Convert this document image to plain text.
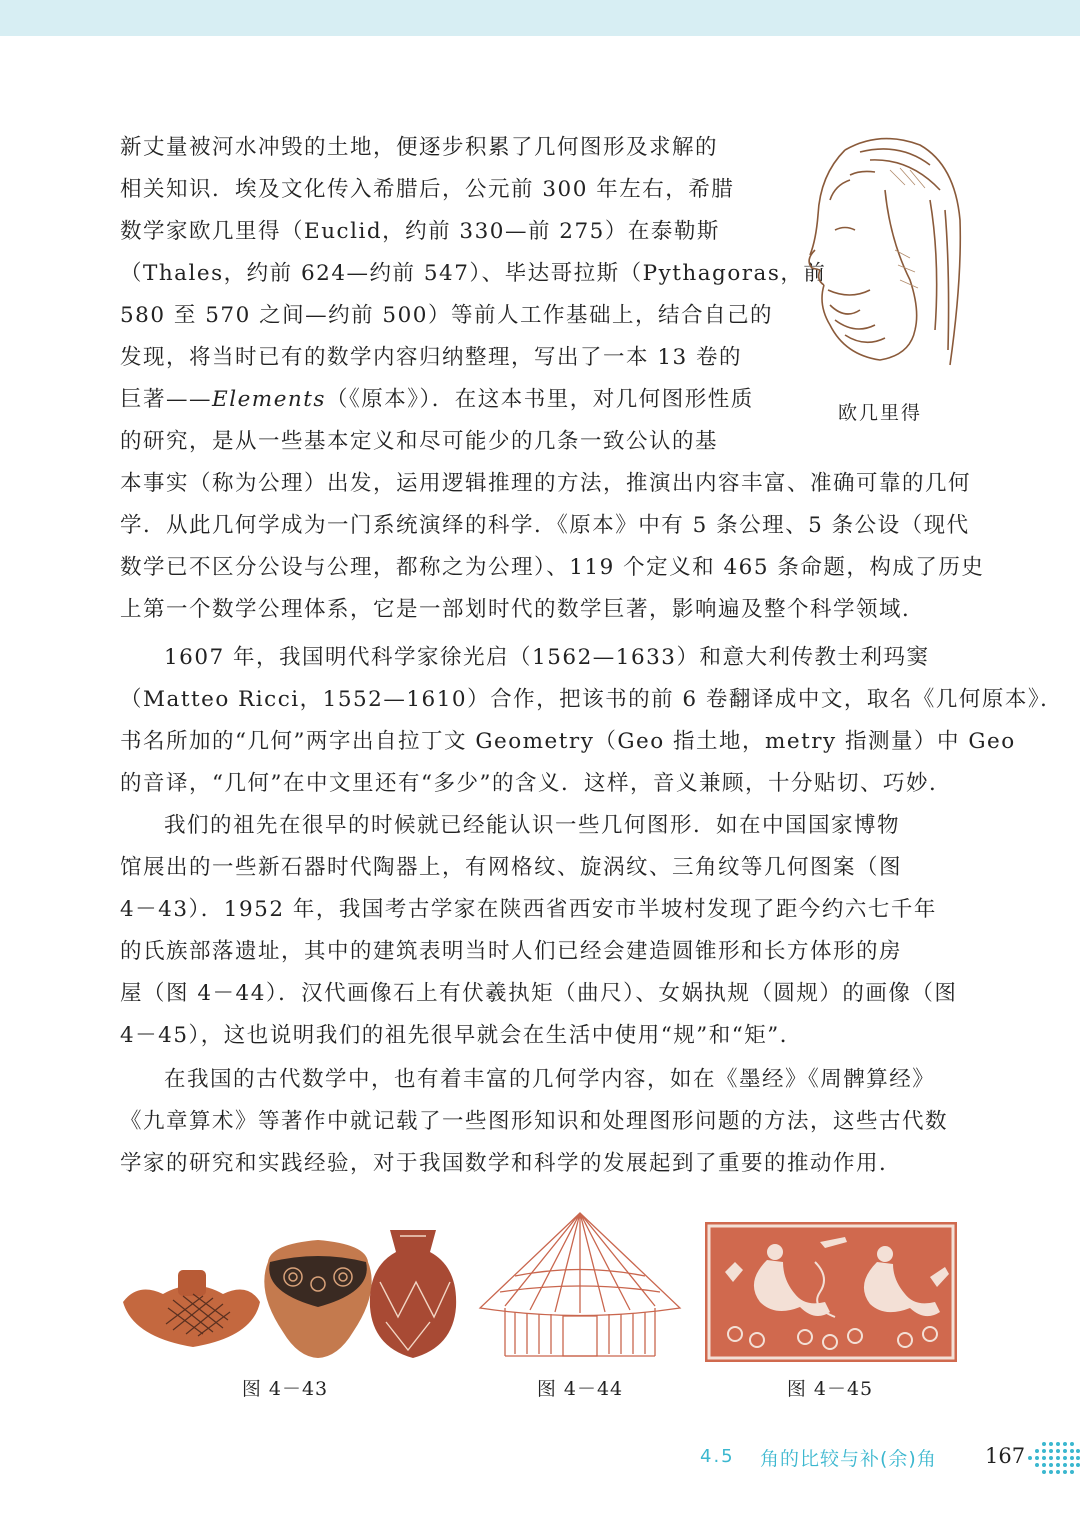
新丈量被河水冲毁的土地，便逐步积累了几何图形及求解的
相关知识．埃及文化传入希腊后，公元前 300 年左右，希腊
数学家欧几里得（Euclid，约前 330—前 275）在泰勒斯
（Thales，约前 624—约前 547）、毕达哥拉斯（Pythagoras，前
580 至 570 之间—约前 500）等前人工作基础上，结合自己的
发现，将当时已有的数学内容归纳整理，写出了一本 13 卷的
巨著——Elements（《原本》）．在这本书里，对几何图形性质
的研究，是从一些基本定义和尽可能少的几条一致公认的基
本事实（称为公理）出发，运用逻辑推理的方法，推演出内容丰富、准确可靠的几何
学．从此几何学成为一门系统演绎的科学．《原本》中有 5 条公理、5 条公设（现代
数学已不区分公设与公理，都称之为公理）、119 个定义和 465 条命题，构成了历史
上第一个数学公理体系，它是一部划时代的数学巨著，影响遍及整个科学领域．
欧几里得
1607 年，我国明代科学家徐光启（1562—1633）和意大利传教士利玛窦
（Matteo Ricci，1552—1610）合作，把该书的前 6 卷翻译成中文，取名《几何原本》．
书名所加的“几何”两字出自拉丁文 Geometry（Geo 指土地，metry 指测量）中 Geo
的音译，“几何”在中文里还有“多少”的含义．这样，音义兼顾，十分贴切、巧妙．
我们的祖先在很早的时候就已经能认识一些几何图形．如在中国国家博物
馆展出的一些新石器时代陶器上，有网格纹、旋涡纹、三角纹等几何图案（图
4－43）．1952 年，我国考古学家在陕西省西安市半坡村发现了距今约六七千年
的氏族部落遗址，其中的建筑表明当时人们已经会建造圆锥形和长方体形的房
屋（图 4－44）．汉代画像石上有伏羲执矩（曲尺）、女娲执规（圆规）的画像（图
4－45），这也说明我们的祖先很早就会在生活中使用“规”和“矩”．
在我国的古代数学中，也有着丰富的几何学内容，如在《墨经》《周髀算经》
《九章算术》等著作中就记载了一些图形知识和处理图形问题的方法，这些古代数
学家的研究和实践经验，对于我国数学和科学的发展起到了重要的推动作用．
图 4－43	图 4－44	图 4－45
4.5 角的比较与补(余)角 167
